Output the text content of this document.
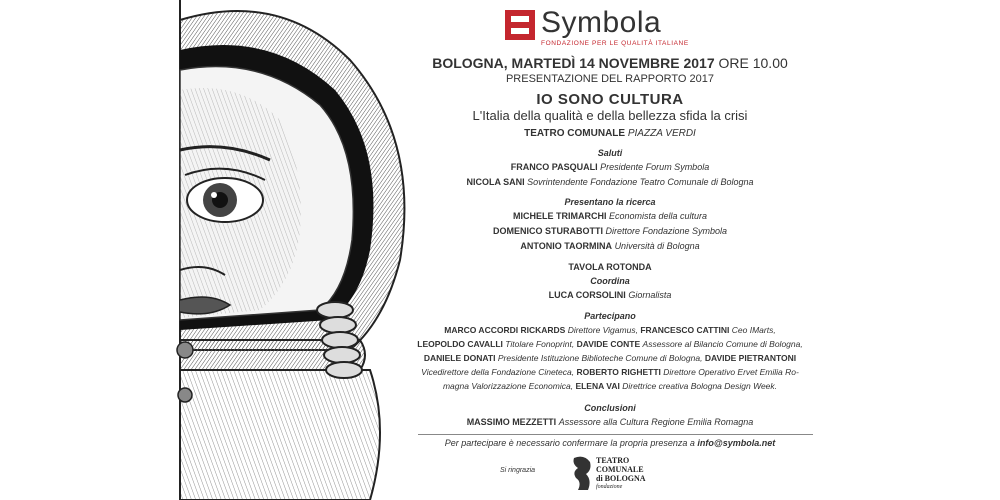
Symbola
FONDAZIONE PER LE QUALITÀ ITALIANE
BOLOGNA, MARTEDÌ 14 NOVEMBRE 2017 ORE 10.00
PRESENTAZIONE DEL RAPPORTO 2017
IO SONO CULTURA
L'Italia della qualità e della bellezza sfida la crisi
TEATRO COMUNALE PIAZZA VERDI
Saluti
FRANCO PASQUALI Presidente Forum Symbola
NICOLA SANI Sovrintendente Fondazione Teatro Comunale di Bologna
Presentano la ricerca
MICHELE TRIMARCHI Economista della cultura
DOMENICO STURABOTTI Direttore Fondazione Symbola
ANTONIO TAORMINA Università di Bologna
TAVOLA ROTONDA
Coordina
LUCA CORSOLINI Giornalista
Partecipano
MARCO ACCORDI RICKARDS Direttore Vigamus, FRANCESCO CATTINI Ceo IMarts,
LEOPOLDO CAVALLI Titolare Fonoprint, DAVIDE CONTE Assessore al Bilancio Comune di Bologna,
DANIELE DONATI Presidente Istituzione Biblioteche Comune di Bologna, DAVIDE PIETRANTONI
Vicedirettore della Fondazione Cineteca, ROBERTO RIGHETTI Direttore Operativo Ervet Emilia Ro-
magna Valorizzazione Economica, ELENA VAI Direttrice creativa Bologna Design Week.
Conclusioni
MASSIMO MEZZETTI Assessore alla Cultura Regione Emilia Romagna
Per partecipare è necessario confermare la propria presenza a info@symbola.net
Si ringrazia
TEATRO
COMUNALE
di BOLOGNA
fondazione
